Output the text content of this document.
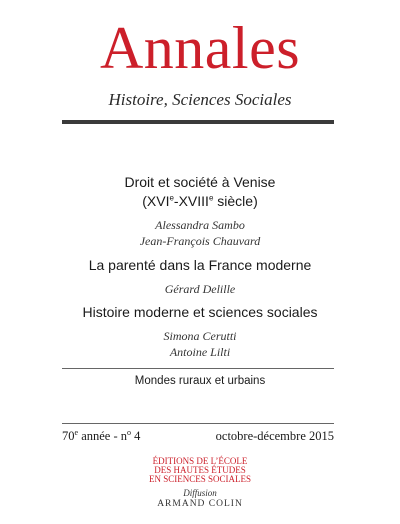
Annales
Histoire, Sciences Sociales
Droit et société à Venise
(XVIe-XVIIIe siècle)
Alessandra Sambo
Jean-François Chauvard
La parenté dans la France moderne
Gérard Delille
Histoire moderne et sciences sociales
Simona Cerutti
Antoine Lilti
Mondes ruraux et urbains
70e année - $n^o$ 4	octobre-décembre 2015
ÉDITIONS DE L’ÉCOLE
DES HAUTES ÉTUDES
EN SCIENCES SOCIALES
Diffusion
ARMAND COLIN
